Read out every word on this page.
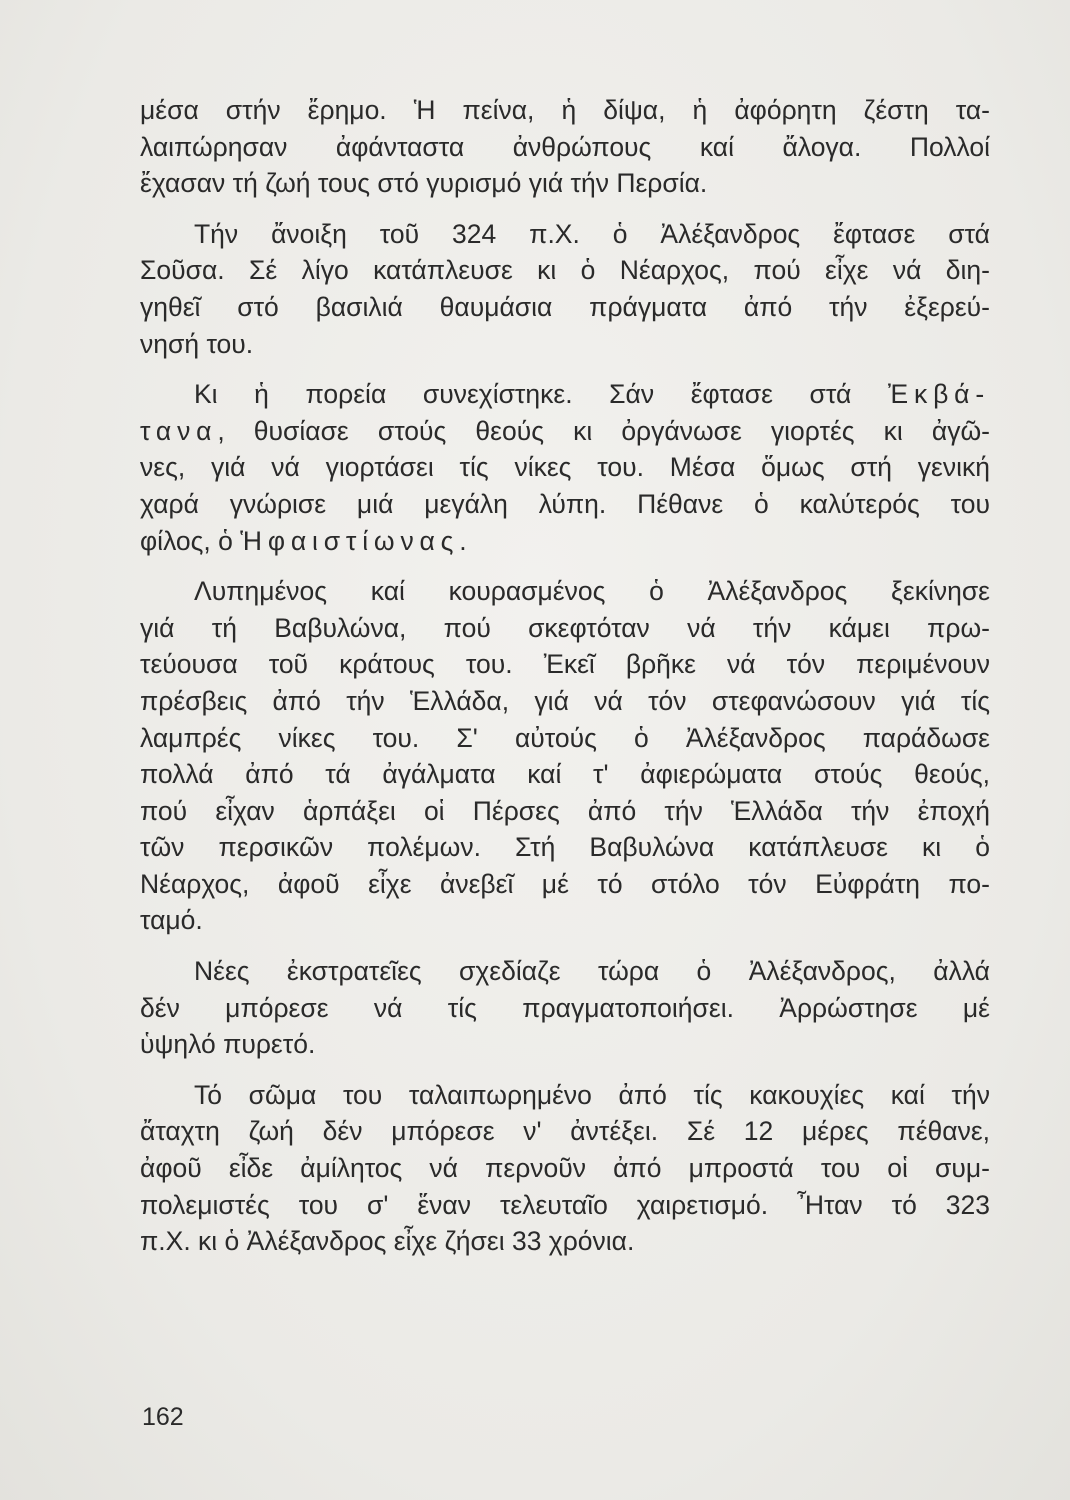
μέσα στήν ἔρημο. Ἡ πείνα, ἡ δίψα, ἡ ἀφόρητη ζέστη τα-
λαιπώρησαν ἀφάνταστα ἀνθρώπους καί ἄλογα. Πολλοί
ἔχασαν τή ζωή τους στό γυρισμό γιά τήν Περσία.
Τήν ἄνοιξη τοῦ 324 π.Χ. ὁ Ἀλέξανδρος ἔφτασε στά
Σοῦσα. Σέ λίγο κατάπλευσε κι ὁ Νέαρχος, πού εἶχε νά διη-
γηθεῖ στό βασιλιά θαυμάσια πράγματα ἀπό τήν ἐξερεύ-
νησή του.
Κι ἡ πορεία συνεχίστηκε. Σάν ἔφτασε στά Ἐκβά-
τανα, θυσίασε στούς θεούς κι ὀργάνωσε γιορτές κι ἀγῶ-
νες, γιά νά γιορτάσει τίς νίκες του. Μέσα ὅμως στή γενική
χαρά γνώρισε μιά μεγάλη λύπη. Πέθανε ὁ καλύτερός του
φίλος, ὁ Ἡφαιστίωνας.
Λυπημένος καί κουρασμένος ὁ Ἀλέξανδρος ξεκίνησε
γιά τή Βαβυλώνα, πού σκεφτόταν νά τήν κάμει πρω-
τεύουσα τοῦ κράτους του. Ἐκεῖ βρῆκε νά τόν περιμένουν
πρέσβεις ἀπό τήν Ἑλλάδα, γιά νά τόν στεφανώσουν γιά τίς
λαμπρές νίκες του. Σ' αὐτούς ὁ Ἀλέξανδρος παράδωσε
πολλά ἀπό τά ἀγάλματα καί τ' ἀφιερώματα στούς θεούς,
πού εἶχαν ἁρπάξει οἱ Πέρσες ἀπό τήν Ἑλλάδα τήν ἐποχή
τῶν περσικῶν πολέμων. Στή Βαβυλώνα κατάπλευσε κι ὁ
Νέαρχος, ἀφοῦ εἶχε ἀνεβεῖ μέ τό στόλο τόν Εὐφράτη πο-
ταμό.
Νέες ἐκστρατεῖες σχεδίαζε τώρα ὁ Ἀλέξανδρος, ἀλλά
δέν μπόρεσε νά τίς πραγματοποιήσει. Ἀρρώστησε μέ
ὑψηλό πυρετό.
Τό σῶμα του ταλαιπωρημένο ἀπό τίς κακουχίες καί τήν
ἄταχτη ζωή δέν μπόρεσε ν' ἀντέξει. Σέ 12 μέρες πέθανε,
ἀφοῦ εἶδε ἀμίλητος νά περνοῦν ἀπό μπροστά του οἱ συμ-
πολεμιστές του σ' ἕναν τελευταῖο χαιρετισμό. Ἦταν τό 323
π.Χ. κι ὁ Ἀλέξανδρος εἶχε ζήσει 33 χρόνια.
162
